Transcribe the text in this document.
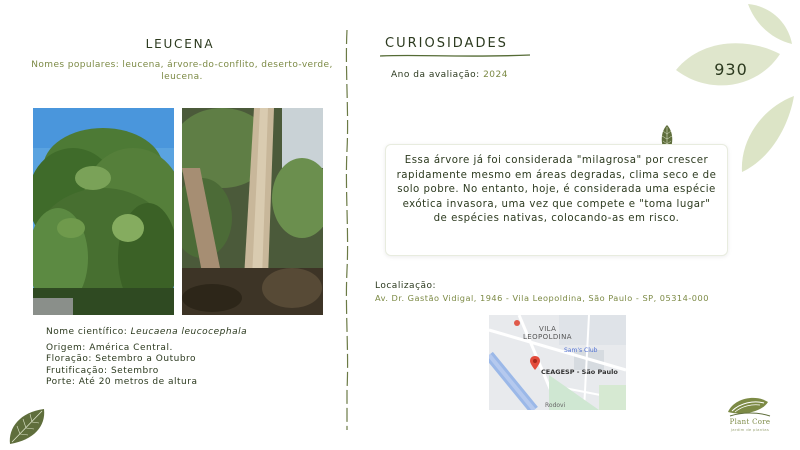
930
LEUCENA
Nomes populares: leucena, árvore-do-conflito, deserto-verde, leucena.
Nome científico: Leucaena leucocephala
Origem: América Central.
Floração: Setembro a Outubro
Frutificação: Setembro
Porte: Até 20 metros de altura
CURIOSIDADES
Ano da avaliação: 2024
Essa árvore já foi considerada "milagrosa" por crescer rapidamente mesmo em áreas degradas, clima seco e de solo pobre. No entanto, hoje, é considerada uma espécie exótica invasora, uma vez que compete e "toma lugar" de espécies nativas, colocando-as em risco.
Localização:
Av. Dr. Gastão Vidigal, 1946 - Vila Leopoldina, São Paulo - SP, 05314-000
VILA
LEOPOLDINA
Sam's Club
CEAGESP - São Paulo
Rodovi
Plant Core
jardim de plantas
